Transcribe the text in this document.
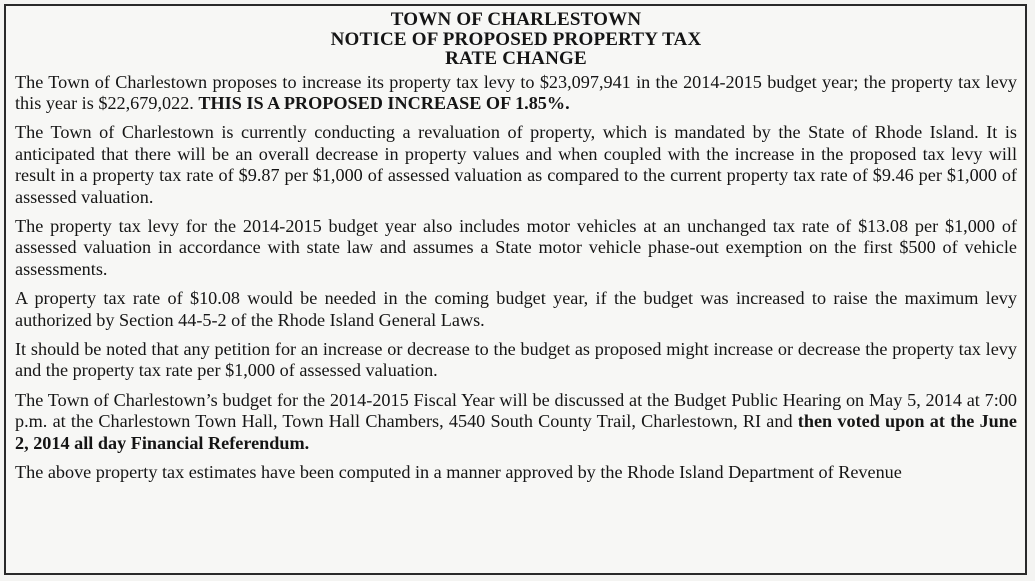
TOWN OF CHARLESTOWN
NOTICE OF PROPOSED PROPERTY TAX
RATE CHANGE

The Town of Charlestown proposes to increase its property tax levy to $23,097,941 in the 2014-2015 budget year; the property tax levy this year is $22,679,022. THIS IS A PROPOSED INCREASE OF 1.85%.

The Town of Charlestown is currently conducting a revaluation of property, which is mandated by the State of Rhode Island. It is anticipated that there will be an overall decrease in property values and when coupled with the increase in the proposed tax levy will result in a property tax rate of $9.87 per $1,000 of assessed valuation as compared to the current property tax rate of $9.46 per $1,000 of assessed valuation.

The property tax levy for the 2014-2015 budget year also includes motor vehicles at an unchanged tax rate of $13.08 per $1,000 of assessed valuation in accordance with state law and assumes a State motor vehicle phase-out exemption on the first $500 of vehicle assessments.

A property tax rate of $10.08 would be needed in the coming budget year, if the budget was increased to raise the maximum levy authorized by Section 44-5-2 of the Rhode Island General Laws.

It should be noted that any petition for an increase or decrease to the budget as proposed might increase or decrease the property tax levy and the property tax rate per $1,000 of assessed valuation.

The Town of Charlestown’s budget for the 2014-2015 Fiscal Year will be discussed at the Budget Public Hearing on May 5, 2014 at 7:00 p.m. at the Charlestown Town Hall, Town Hall Chambers, 4540 South County Trail, Charlestown, RI and then voted upon at the June 2, 2014 all day Financial Referendum.

The above property tax estimates have been computed in a manner approved by the Rhode Island Department of Revenue
